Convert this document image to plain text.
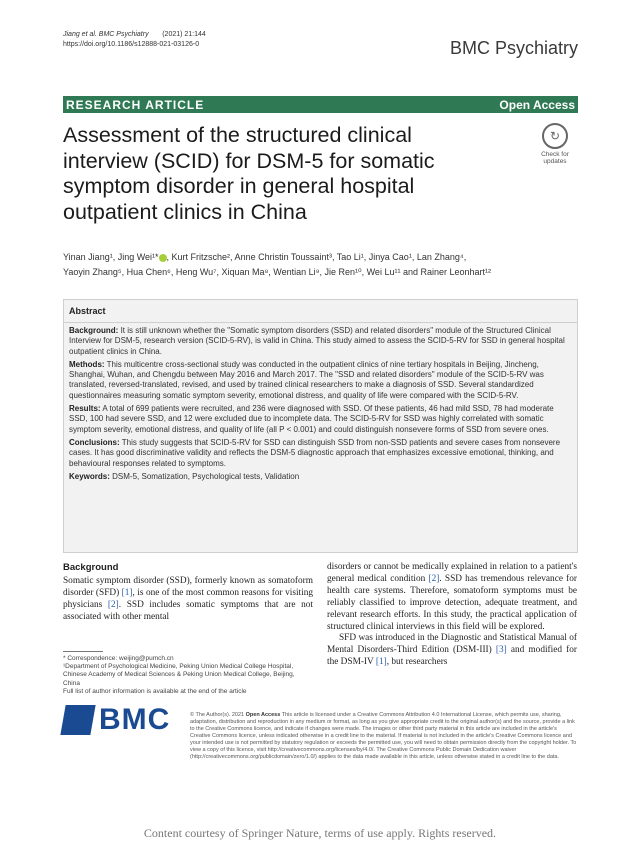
Jiang et al. BMC Psychiatry (2021) 21:144
https://doi.org/10.1186/s12888-021-03126-0	BMC Psychiatry
RESEARCH ARTICLE	Open Access
Assessment of the structured clinical interview (SCID) for DSM-5 for somatic symptom disorder in general hospital outpatient clinics in China
↻
Check for updates
Yinan Jiang¹, Jing Wei¹* , Kurt Fritzsche², Anne Christin Toussaint³, Tao Li¹, Jinya Cao¹, Lan Zhang⁴,
Yaoyin Zhang⁵, Hua Chen⁶, Heng Wu⁷, Xiquan Ma⁸, Wentian Li⁹, Jie Ren¹⁰, Wei Lu¹¹ and Rainer Leonhart¹²
Abstract

Background: It is still unknown whether the "Somatic symptom disorders (SSD) and related disorders" module of the Structured Clinical Interview for DSM-5, research version (SCID-5-RV), is valid in China. This study aimed to assess the SCID-5-RV for SSD in general hospital outpatient clinics in China.

Methods: This multicentre cross-sectional study was conducted in the outpatient clinics of nine tertiary hospitals in Beijing, Jincheng, Shanghai, Wuhan, and Chengdu between May 2016 and March 2017. The "SSD and related disorders" module of the SCID-5-RV was translated, reversed-translated, revised, and used by trained clinical researchers to make a diagnosis of SSD. Several standardized questionnaires measuring somatic symptom severity, emotional distress, and quality of life were compared with the SCID-5-RV.

Results: A total of 699 patients were recruited, and 236 were diagnosed with SSD. Of these patients, 46 had mild SSD, 78 had moderate SSD, 100 had severe SSD, and 12 were excluded due to incomplete data. The SCID-5-RV for SSD was highly correlated with somatic symptom severity, emotional distress, and quality of life (all P < 0.001) and could distinguish nonsevere forms of SSD from severe ones.

Conclusions: This study suggests that SCID-5-RV for SSD can distinguish SSD from non-SSD patients and severe cases from nonsevere cases. It has good discriminative validity and reflects the DSM-5 diagnostic approach that emphasizes excessive emotional, thinking, and behavioural responses related to symptoms.

Keywords: DSM-5, Somatization, Psychological tests, Validation

Background

Somatic symptom disorder (SSD), formerly known as somatoform disorder (SFD) [1], is one of the most common reasons for visiting physicians [2]. SSD includes somatic symptoms that are not associated with other mental

disorders or cannot be medically explained in relation to a patient's general medical condition [2]. SSD has tremendous relevance for health care systems. Therefore, somatoform symptoms must be reliably classified to improve detection, adequate treatment, and relevant research efforts. In this study, the practical application of structured clinical interviews in this field will be explored.

SFD was introduced in the Diagnostic and Statistical Manual of Mental Disorders-Third Edition (DSM-III) [3] and modified for the DSM-IV [1], but researchers

* Correspondence: weijing@pumch.cn
¹Department of Psychological Medicine, Peking Union Medical College Hospital, Chinese Academy of Medical Sciences & Peking Union Medical College, Beijing, China
Full list of author information is available at the end of the article
BMC	© The Author(s). 2021 Open Access This article is licensed under a Creative Commons Attribution 4.0 International License, which permits use, sharing, adaptation, distribution and reproduction in any medium or format, as long as you give appropriate credit to the original author(s) and the source, provide a link to the Creative Commons licence, and indicate if changes were made. The images or other third party material in this article are included in the article's Creative Commons licence, unless indicated otherwise in a credit line to the material. If material is not included in the article's Creative Commons licence and your intended use is not permitted by statutory regulation or exceeds the permitted use, you will need to obtain permission directly from the copyright holder. To view a copy of this licence, visit http://creativecommons.org/licenses/by/4.0/. The Creative Commons Public Domain Dedication waiver (http://creativecommons.org/publicdomain/zero/1.0/) applies to the data made available in this article, unless otherwise stated in a credit line to the data.
Content courtesy of Springer Nature, terms of use apply. Rights reserved.
